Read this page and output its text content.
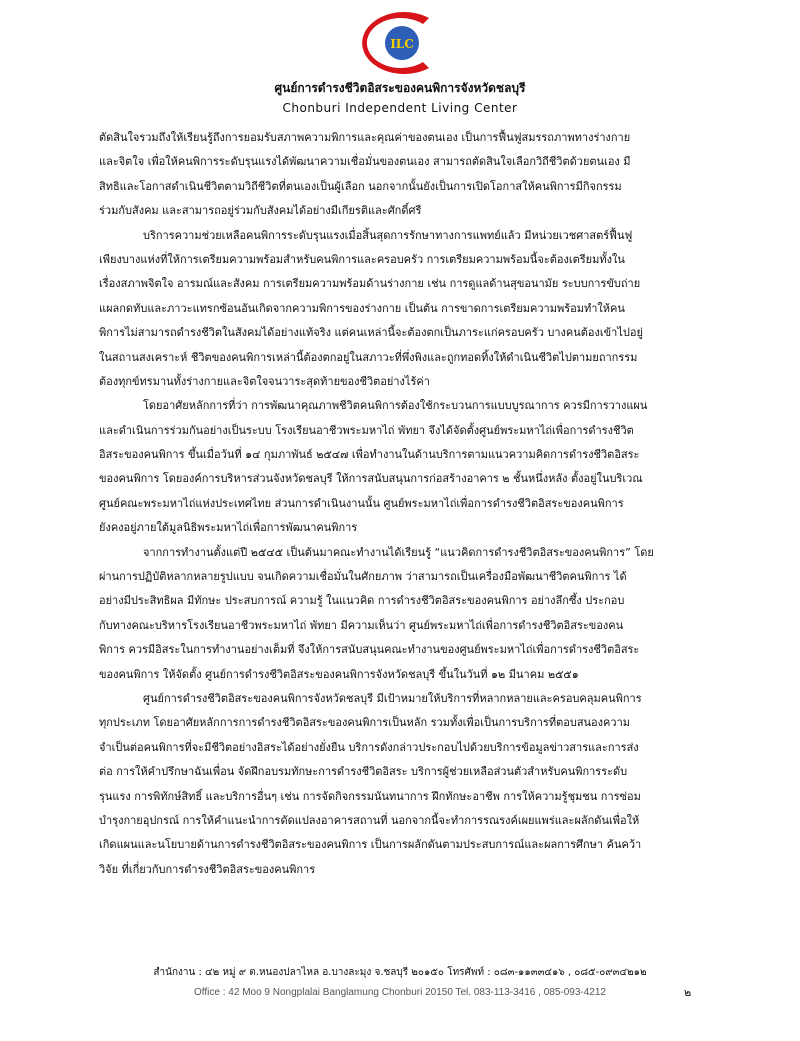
ILC
ศูนย์การดำรงชีวิตอิสระของคนพิการจังหวัดชลบุรี
Chonburi Independent Living Center
ตัดสินใจรวมถึงให้เรียนรู้ถึงการยอมรับสภาพความพิการและคุณค่าของตนเอง เป็นการฟื้นฟูสมรรถภาพทางร่างกาย
และจิตใจ เพื่อให้คนพิการระดับรุนแรงได้พัฒนาความเชื่อมั่นของตนเอง สามารถตัดสินใจเลือกวิถีชีวิตด้วยตนเอง มี
สิทธิและโอกาสดำเนินชีวิตตามวิถีชีวิตที่ตนเองเป็นผู้เลือก นอกจากนั้นยังเป็นการเปิดโอกาสให้คนพิการมีกิจกรรม
ร่วมกับสังคม และสามารถอยู่ร่วมกับสังคมได้อย่างมีเกียรติและศักดิ์ศรี
บริการความช่วยเหลือคนพิการระดับรุนแรงเมื่อสิ้นสุดการรักษาทางการแพทย์แล้ว มีหน่วยเวชศาสตร์ฟื้นฟู
เพียงบางแห่งที่ให้การเตรียมความพร้อมสำหรับคนพิการและครอบครัว การเตรียมความพร้อมนี้จะต้องเตรียมทั้งใน
เรื่องสภาพจิตใจ อารมณ์และสังคม การเตรียมความพร้อมด้านร่างกาย เช่น การดูแลด้านสุขอนามัย ระบบการขับถ่าย
แผลกดทับและภาวะแทรกซ้อนอันเกิดจากความพิการของร่างกาย เป็นต้น การขาดการเตรียมความพร้อมทำให้คน
พิการไม่สามารถดำรงชีวิตในสังคมได้อย่างแท้จริง แต่คนเหล่านี้จะต้องตกเป็นภาระแก่ครอบครัว บางคนต้องเข้าไปอยู่
ในสถานสงเคราะห์ ชีวิตของคนพิการเหล่านี้ต้องตกอยู่ในสภาวะที่พึ่งพิงและถูกทอดทิ้งให้ดำเนินชีวิตไปตามยถากรรม
ต้องทุกข์ทรมานทั้งร่างกายและจิตใจจนวาระสุดท้ายของชีวิตอย่างไร้ค่า
โดยอาศัยหลักการที่ว่า การพัฒนาคุณภาพชีวิตคนพิการต้องใช้กระบวนการแบบบูรณาการ ควรมีการวางแผน
และดำเนินการร่วมกันอย่างเป็นระบบ โรงเรียนอาชีวพระมหาไถ่ พัทยา จึงได้จัดตั้งศูนย์พระมหาไถ่เพื่อการดำรงชีวิต
อิสระของคนพิการ ขึ้นเมื่อวันที่ ๑๔ กุมภาพันธ์ ๒๕๔๗ เพื่อทำงานในด้านบริการตามแนวความคิดการดำรงชีวิตอิสระ
ของคนพิการ โดยองค์การบริหารส่วนจังหวัดชลบุรี ให้การสนับสนุนการก่อสร้างอาคาร ๒ ชั้นหนึ่งหลัง ตั้งอยู่ในบริเวณ
ศูนย์คณะพระมหาไถ่แห่งประเทศไทย ส่วนการดำเนินงานนั้น ศูนย์พระมหาไถ่เพื่อการดำรงชีวิตอิสระของคนพิการ
ยังคงอยู่ภายใต้มูลนิธิพระมหาไถ่เพื่อการพัฒนาคนพิการ
จากการทำงานตั้งแต่ปี ๒๕๔๕ เป็นต้นมาคณะทำงานได้เรียนรู้ “แนวคิดการดำรงชีวิตอิสระของคนพิการ” โดย
ผ่านการปฏิบัติหลากหลายรูปแบบ จนเกิดความเชื่อมั่นในศักยภาพ ว่าสามารถเป็นเครื่องมือพัฒนาชีวิตคนพิการ ได้
อย่างมีประสิทธิผล มีทักษะ ประสบการณ์ ความรู้ ในแนวคิด การดำรงชีวิตอิสระของคนพิการ อย่างลึกซึ้ง ประกอบ
กับทางคณะบริหารโรงเรียนอาชีวพระมหาไถ่ พัทยา มีความเห็นว่า ศูนย์พระมหาไถ่เพื่อการดำรงชีวิตอิสระของคน
พิการ ควรมีอิสระในการทำงานอย่างเต็มที่ จึงให้การสนับสนุนคณะทำงานของศูนย์พระมหาไถ่เพื่อการดำรงชีวิตอิสระ
ของคนพิการ ให้จัดตั้ง ศูนย์การดำรงชีวิตอิสระของคนพิการจังหวัดชลบุรี ขึ้นในวันที่ ๑๒ มีนาคม ๒๕๕๑
ศูนย์การดำรงชีวิตอิสระของคนพิการจังหวัดชลบุรี มีเป้าหมายให้บริการที่หลากหลายและครอบคลุมคนพิการ
ทุกประเภท โดยอาศัยหลักการการดำรงชีวิตอิสระของคนพิการเป็นหลัก รวมทั้งเพื่อเป็นการบริการที่ตอบสนองความ
จำเป็นต่อคนพิการที่จะมีชีวิตอย่างอิสระได้อย่างยั่งยืน บริการดังกล่าวประกอบไปด้วยบริการข้อมูลข่าวสารและการส่ง
ต่อ การให้คำปรึกษาฉันเพื่อน จัดฝึกอบรมทักษะการดำรงชีวิตอิสระ บริการผู้ช่วยเหลือส่วนตัวสำหรับคนพิการระดับ
รุนแรง การพิทักษ์สิทธิ์ และบริการอื่นๆ เช่น การจัดกิจกรรมนันทนาการ ฝึกทักษะอาชีพ การให้ความรู้ชุมชน การซ่อม
บำรุงกายอุปกรณ์ การให้คำแนะนำการดัดแปลงอาคารสถานที่ นอกจากนี้จะทำการรณรงค์เผยแพร่และผลักดันเพื่อให้
เกิดแผนและนโยบายด้านการดำรงชีวิตอิสระของคนพิการ เป็นการผลักดันตามประสบการณ์และผลการศึกษา ค้นคว้า
วิจัย ที่เกี่ยวกับการดำรงชีวิตอิสระของคนพิการ
สำนักงาน : ๔๒ หมู่ ๙ ต.หนองปลาไหล อ.บางละมุง จ.ชลบุรี ๒๐๑๕๐ โทรศัพท์ : ๐๘๓-๑๑๓๓๔๑๖ , ๐๘๕-๐๙๓๔๒๑๒
Office : 42 Moo 9 Nongplalai Banglamung Chonburi 20150 Tel. 083-113-3416 , 085-093-4212	๒
